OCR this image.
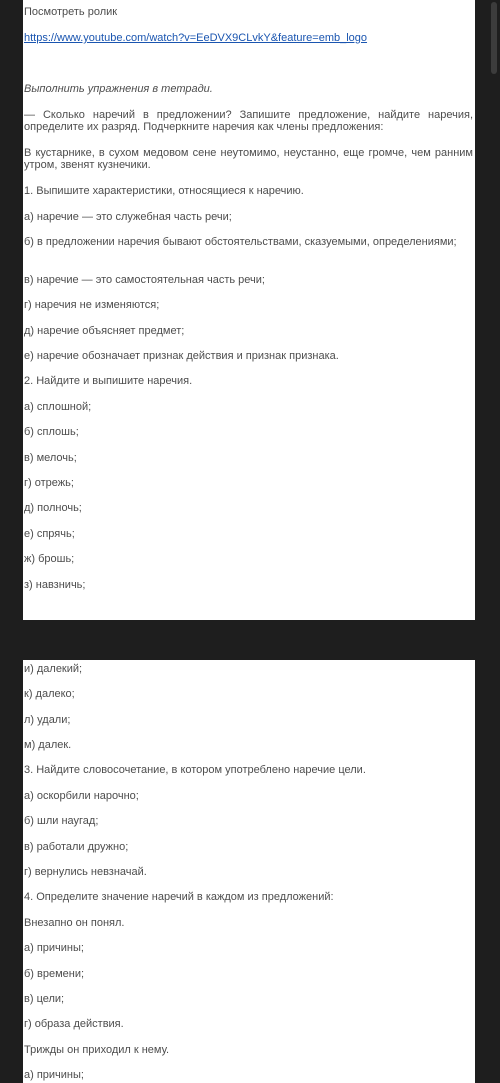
Посмотреть ролик
https://www.youtube.com/watch?v=EeDVX9CLvkY&feature=emb_logo
Выполнить упражнения в тетради.
— Сколько наречий в предложении? Запишите предложение, найдите наречия, определите их разряд. Подчеркните наречия как члены предложения:
В кустарнике, в сухом медовом сене неутомимо, неустанно, еще громче, чем ранним утром, звенят кузнечики.
1. Выпишите характеристики, относящиеся к наречию.
а) наречие — это служебная часть речи;
б) в предложении наречия бывают обстоятельствами, сказуемыми, определениями;
в) наречие — это самостоятельная часть речи;
г) наречия не изменяются;
д) наречие объясняет предмет;
е) наречие обозначает признак действия и признак признака.
2. Найдите и выпишите наречия.
а) сплошной;
б) сплошь;
в) мелочь;
г) отрежь;
д) полночь;
е) спрячь;
ж) брошь;
з) навзничь;
и) далекий;
к) далеко;
л) удали;
м) далек.
3. Найдите словосочетание, в котором употреблено наречие цели.
а) оскорбили нарочно;
б) шли наугад;
в) работали дружно;
г) вернулись невзначай.
4. Определите значение наречий в каждом из предложений:
Внезапно он понял.
а) причины;
б) времени;
в) цели;
г) образа действия.
Трижды он приходил к нему.
а) причины;
